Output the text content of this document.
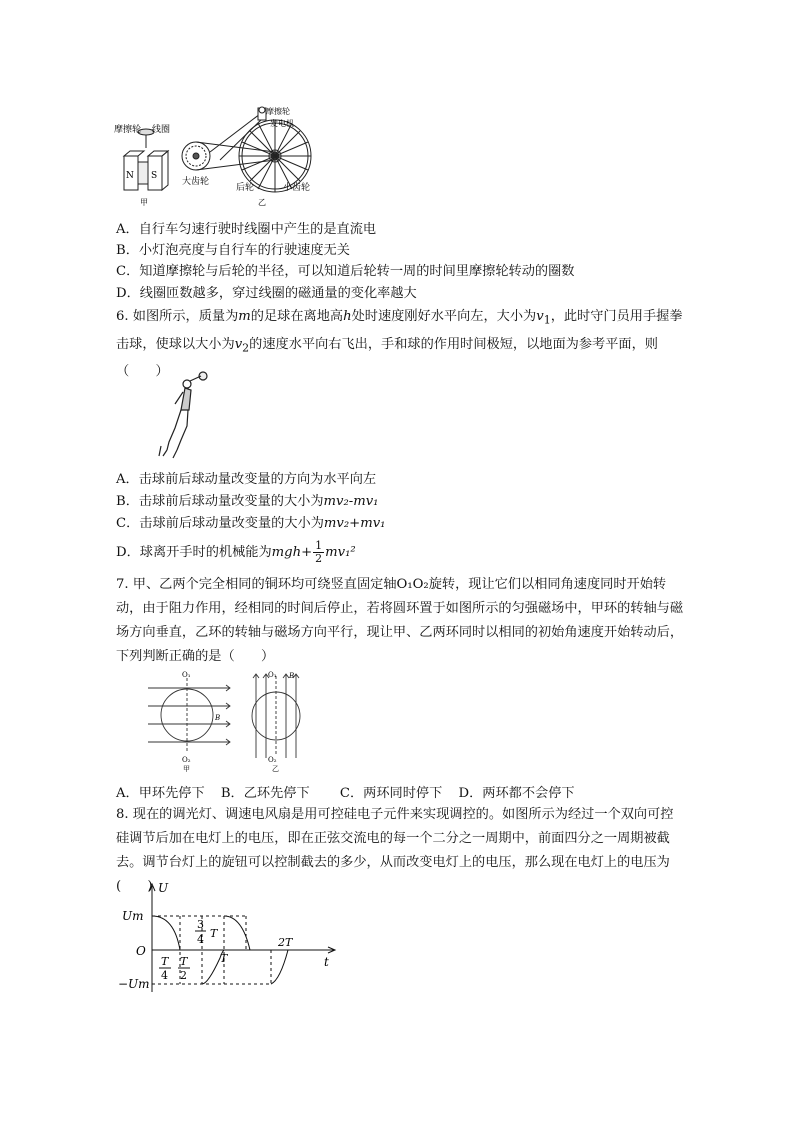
摩擦轮 线圈
N S
甲
摩擦轮
发电机
大齿轮
后轮	小齿轮
乙
A．自行车匀速行驶时线圈中产生的是直流电
B．小灯泡亮度与自行车的行驶速度无关
C．知道摩擦轮与后轮的半径，可以知道后轮转一周的时间里摩擦轮转动的圈数
D．线圈匝数越多，穿过线圈的磁通量的变化率越大
6. 如图所示，质量为m的足球在离地高h处时速度刚好水平向左，大小为$v_1$，此时守门员用手握拳击球，使球以大小为$v_2$的速度水平向右飞出，手和球的作用时间极短，以地面为参考平面，则（　　）
A．击球前后球动量改变量的方向为水平向左
B．击球前后球动量改变量的大小为mv₂-mv₁
C．击球前后球动量改变量的大小为mv₂+mv₁
D．球离开手时的机械能为$mgh+ \frac{1}{2} mv_1^2$
7. 甲、乙两个完全相同的铜环均可绕竖直固定轴O₁O₂旋转，现让它们以相同角速度同时开始转动，由于阻力作用，经相同的时间后停止，若将圆环置于如图所示的匀强磁场中，甲环的转轴与磁场方向垂直，乙环的转轴与磁场方向平行，现让甲、乙两环同时以相同的初始角速度开始转动后，下列判断正确的是（　　）
O₁
O₂
B
甲
O₁
O₂
B
乙
A．甲环先停下 B．乙环先停下 C．两环同时停下 D．两环都不会停下
8. 现在的调光灯、调速电风扇是用可控硅电子元件来实现调控的。如图所示为经过一个双向可控硅调节后加在电灯上的电压，即在正弦交流电的每一个二分之一周期中，前面四分之一周期被截去。调节台灯上的旋钮可以控制截去的多少，从而改变电灯上的电压，那么现在电灯上的电压为(　　) U
t
Um
−Um
O
T
4
T
2
3
4 T
T
2T
